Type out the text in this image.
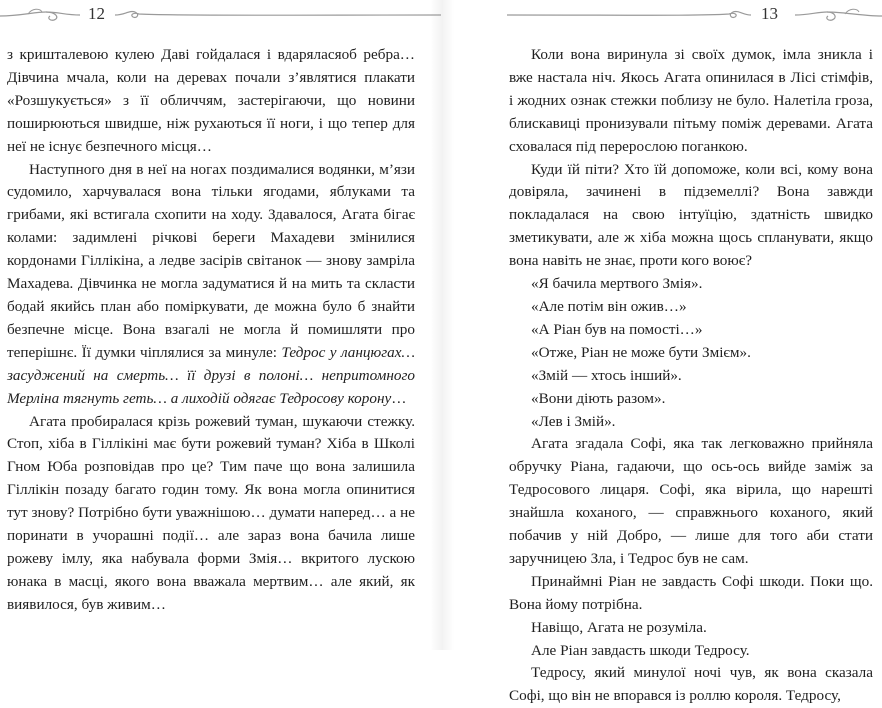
12

з кришталевою кулею Даві гойдалася і вдаряласяоб ребра… Дівчина мчала, коли на деревах почали з’являтися плакати «Розшукується» з її обличчям, застерігаючи, що новини поширюються швидше, ніж рухаються її ноги, і що тепер для неї не існує безпечного місця…

Наступного дня в неї на ногах поздималися водянки, м’язи судомило, харчувалася вона тільки ягодами, яблуками та грибами, які встигала схопити на ходу. Здавалося, Агата бігає колами: задимлені річкові береги Махадеви змінилися кордонами Гіллікіна, а ледве засірів світанок — знову замріла Махадева. Дівчинка не могла задуматися й на мить та скласти бодай якийсь план або поміркувати, де можна було б знайти безпечне місце. Вона взагалі не могла й помишляти про теперішнє. Її думки чіплялися за минуле: Тедрос у ланцюгах… засуджений на смерть… її друзі в полоні… непритомного Мерліна тягнуть геть… а лиходій одягає Тедросову корону…

Агата пробиралася крізь рожевий туман, шукаючи стежку. Стоп, хіба в Гіллікіні має бути рожевий туман? Хіба в Школі Гном Юба розповідав про це? Тим паче що вона залишила Гіллікін позаду багато годин тому. Як вона могла опинитися тут знову? Потрібно бути уважнішою… думати наперед… а не поринати в учорашні події… але зараз вона бачила лише рожеву імлу, яка набувала форми Змія… вкритого лускою юнака в масці, якого вона вважала мертвим… але який, як виявилося, був живим…

13

Коли вона виринула зі своїх думок, імла зникла і вже настала ніч. Якось Агата опинилася в Лісі стімфів, і жодних ознак стежки поблизу не було. Налетіла гроза, блискавиці пронизували пітьму поміж деревами. Агата сховалася під перерослою поганкою.

Куди їй піти? Хто їй допоможе, коли всі, кому вона довіряла, зачинені в підземеллі? Вона завжди покладалася на свою інтуїцію, здатність швидко зметикувати, але ж хіба можна щось спланувати, якщо вона навіть не знає, проти кого воює?

«Я бачила мертвого Змія».

«Але потім він ожив…»

«А Ріан був на помості…»

«Отже, Ріан не може бути Змієм».

«Змій — хтось інший».

«Вони діють разом».

«Лев і Змій».

Агата згадала Софі, яка так легковажно прийняла обручку Ріана, гадаючи, що ось-ось вийде заміж за Тедросового лицаря. Софі, яка вірила, що нарешті знайшла коханого, — справжнього коханого, який побачив у ній Добро, — лише для того аби стати заручницею Зла, і Тедрос був не сам.

Принаймні Ріан не завдасть Софі шкоди. Поки що. Вона йому потрібна.

Навіщо, Агата не розуміла.

Але Ріан завдасть шкоди Тедросу.

Тедросу, який минулої ночі чув, як вона сказала Софі, що він не впорався із роллю короля. Тедросу,
